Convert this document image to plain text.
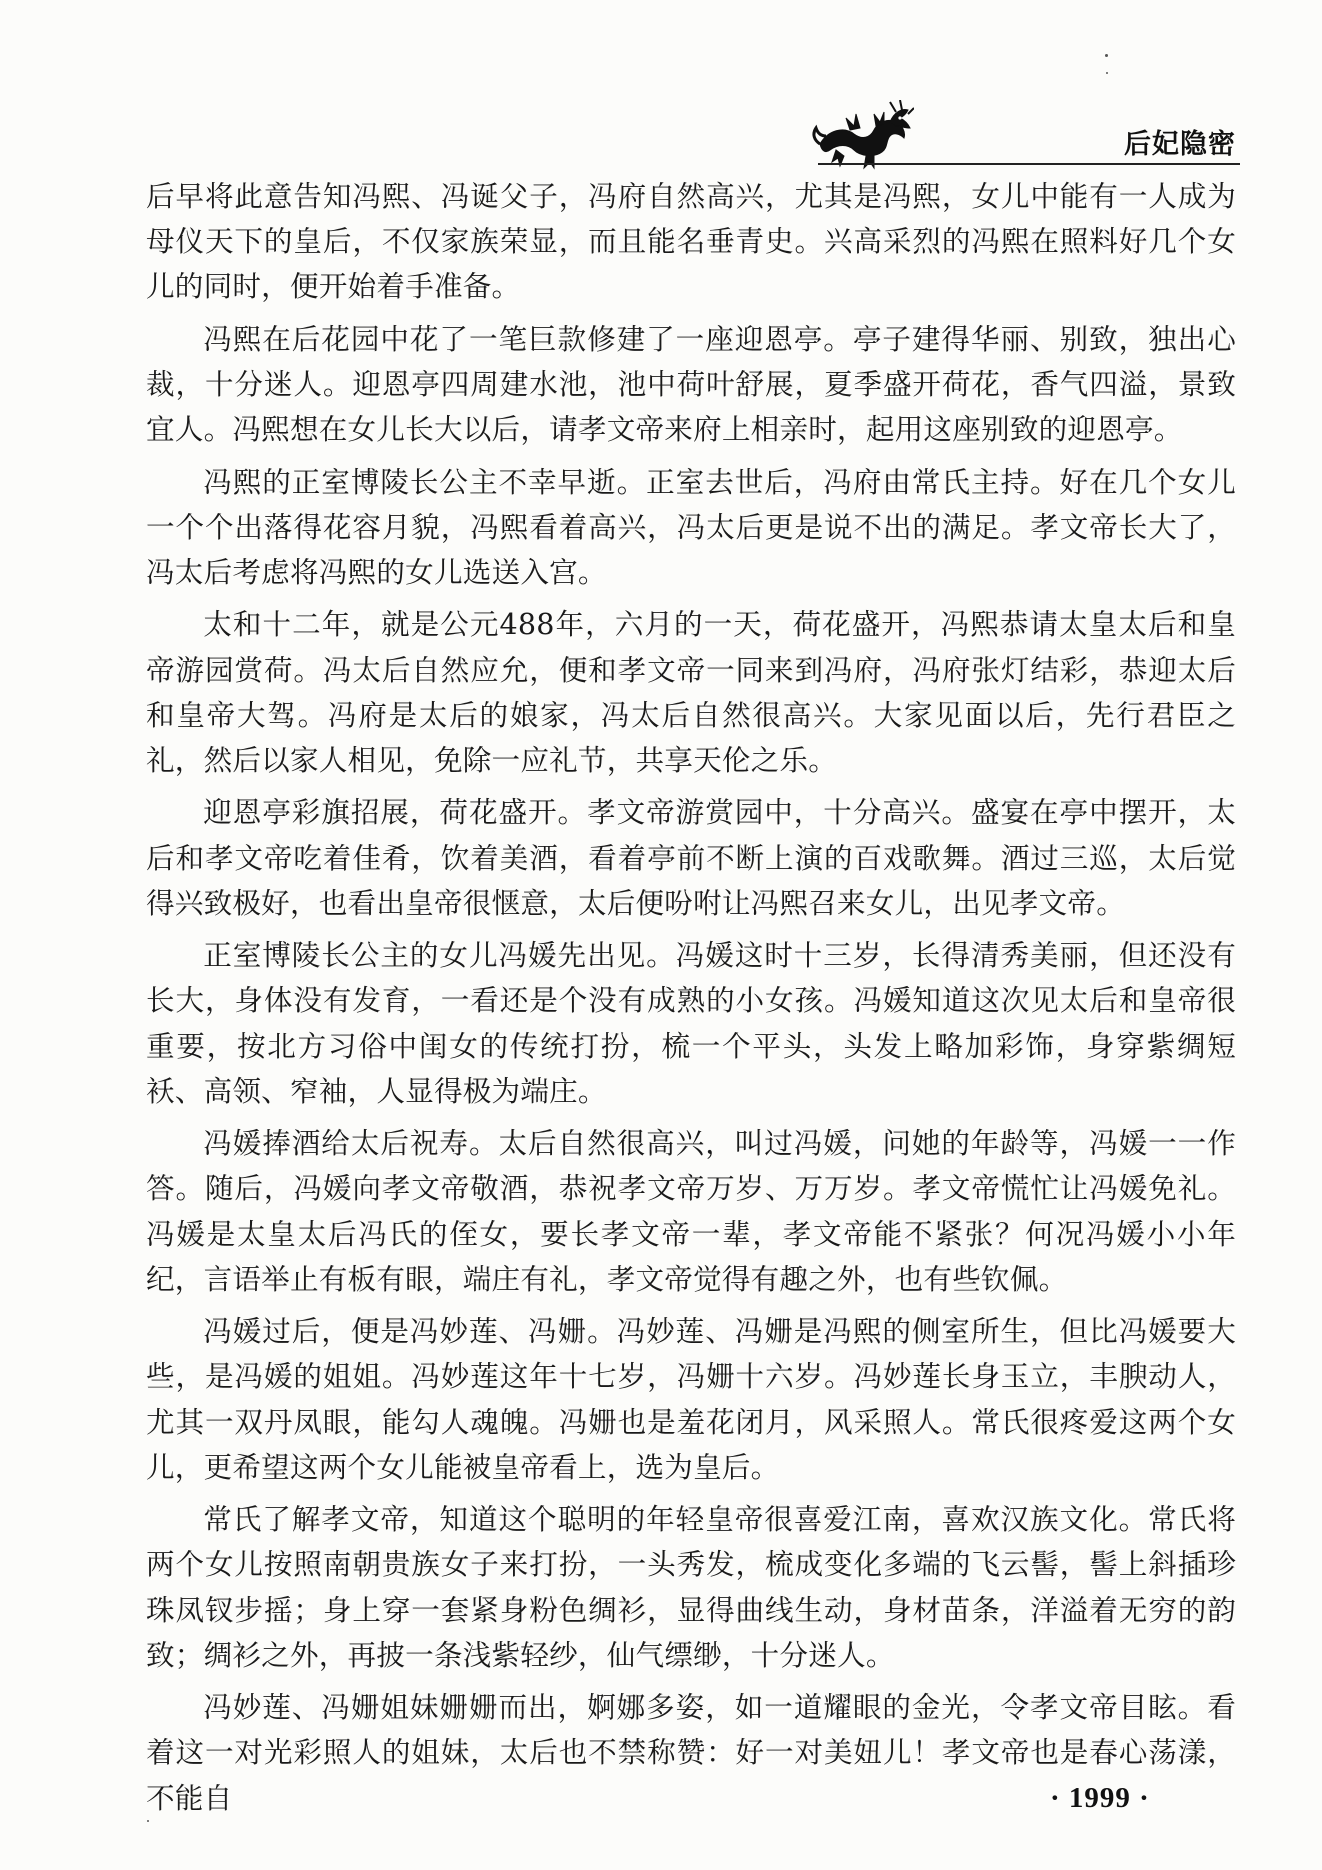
后妃隐密

后早将此意告知冯熙、冯诞父子，冯府自然高兴，尤其是冯熙，女儿中能有一人成为母仪天下的皇后，不仅家族荣显，而且能名垂青史。兴高采烈的冯熙在照料好几个女儿的同时，便开始着手准备。

冯熙在后花园中花了一笔巨款修建了一座迎恩亭。亭子建得华丽、别致，独出心裁，十分迷人。迎恩亭四周建水池，池中荷叶舒展，夏季盛开荷花，香气四溢，景致宜人。冯熙想在女儿长大以后，请孝文帝来府上相亲时，起用这座别致的迎恩亭。

冯熙的正室博陵长公主不幸早逝。正室去世后，冯府由常氏主持。好在几个女儿一个个出落得花容月貌，冯熙看着高兴，冯太后更是说不出的满足。孝文帝长大了，冯太后考虑将冯熙的女儿选送入宫。

太和十二年，就是公元488年，六月的一天，荷花盛开，冯熙恭请太皇太后和皇帝游园赏荷。冯太后自然应允，便和孝文帝一同来到冯府，冯府张灯结彩，恭迎太后和皇帝大驾。冯府是太后的娘家，冯太后自然很高兴。大家见面以后，先行君臣之礼，然后以家人相见，免除一应礼节，共享天伦之乐。

迎恩亭彩旗招展，荷花盛开。孝文帝游赏园中，十分高兴。盛宴在亭中摆开，太后和孝文帝吃着佳肴，饮着美酒，看着亭前不断上演的百戏歌舞。酒过三巡，太后觉得兴致极好，也看出皇帝很惬意，太后便吩咐让冯熙召来女儿，出见孝文帝。

正室博陵长公主的女儿冯媛先出见。冯媛这时十三岁，长得清秀美丽，但还没有长大，身体没有发育，一看还是个没有成熟的小女孩。冯媛知道这次见太后和皇帝很重要，按北方习俗中闺女的传统打扮，梳一个平头，头发上略加彩饰，身穿紫绸短袄、高领、窄袖，人显得极为端庄。

冯媛捧酒给太后祝寿。太后自然很高兴，叫过冯媛，问她的年龄等，冯媛一一作答。随后，冯媛向孝文帝敬酒，恭祝孝文帝万岁、万万岁。孝文帝慌忙让冯媛免礼。冯媛是太皇太后冯氏的侄女，要长孝文帝一辈，孝文帝能不紧张？何况冯媛小小年纪，言语举止有板有眼，端庄有礼，孝文帝觉得有趣之外，也有些钦佩。

冯媛过后，便是冯妙莲、冯姗。冯妙莲、冯姗是冯熙的侧室所生，但比冯媛要大些，是冯媛的姐姐。冯妙莲这年十七岁，冯姗十六岁。冯妙莲长身玉立，丰腴动人，尤其一双丹凤眼，能勾人魂魄。冯姗也是羞花闭月，风采照人。常氏很疼爱这两个女儿，更希望这两个女儿能被皇帝看上，选为皇后。

常氏了解孝文帝，知道这个聪明的年轻皇帝很喜爱江南，喜欢汉族文化。常氏将两个女儿按照南朝贵族女子来打扮，一头秀发，梳成变化多端的飞云髻，髻上斜插珍珠凤钗步摇；身上穿一套紧身粉色绸衫，显得曲线生动，身材苗条，洋溢着无穷的韵致；绸衫之外，再披一条浅紫轻纱，仙气缥缈，十分迷人。

冯妙莲、冯姗姐妹姗姗而出，婀娜多姿，如一道耀眼的金光，令孝文帝目眩。看着这一对光彩照人的姐妹，太后也不禁称赞：好一对美妞儿！孝文帝也是春心荡漾，不能自	· 1999 ·
